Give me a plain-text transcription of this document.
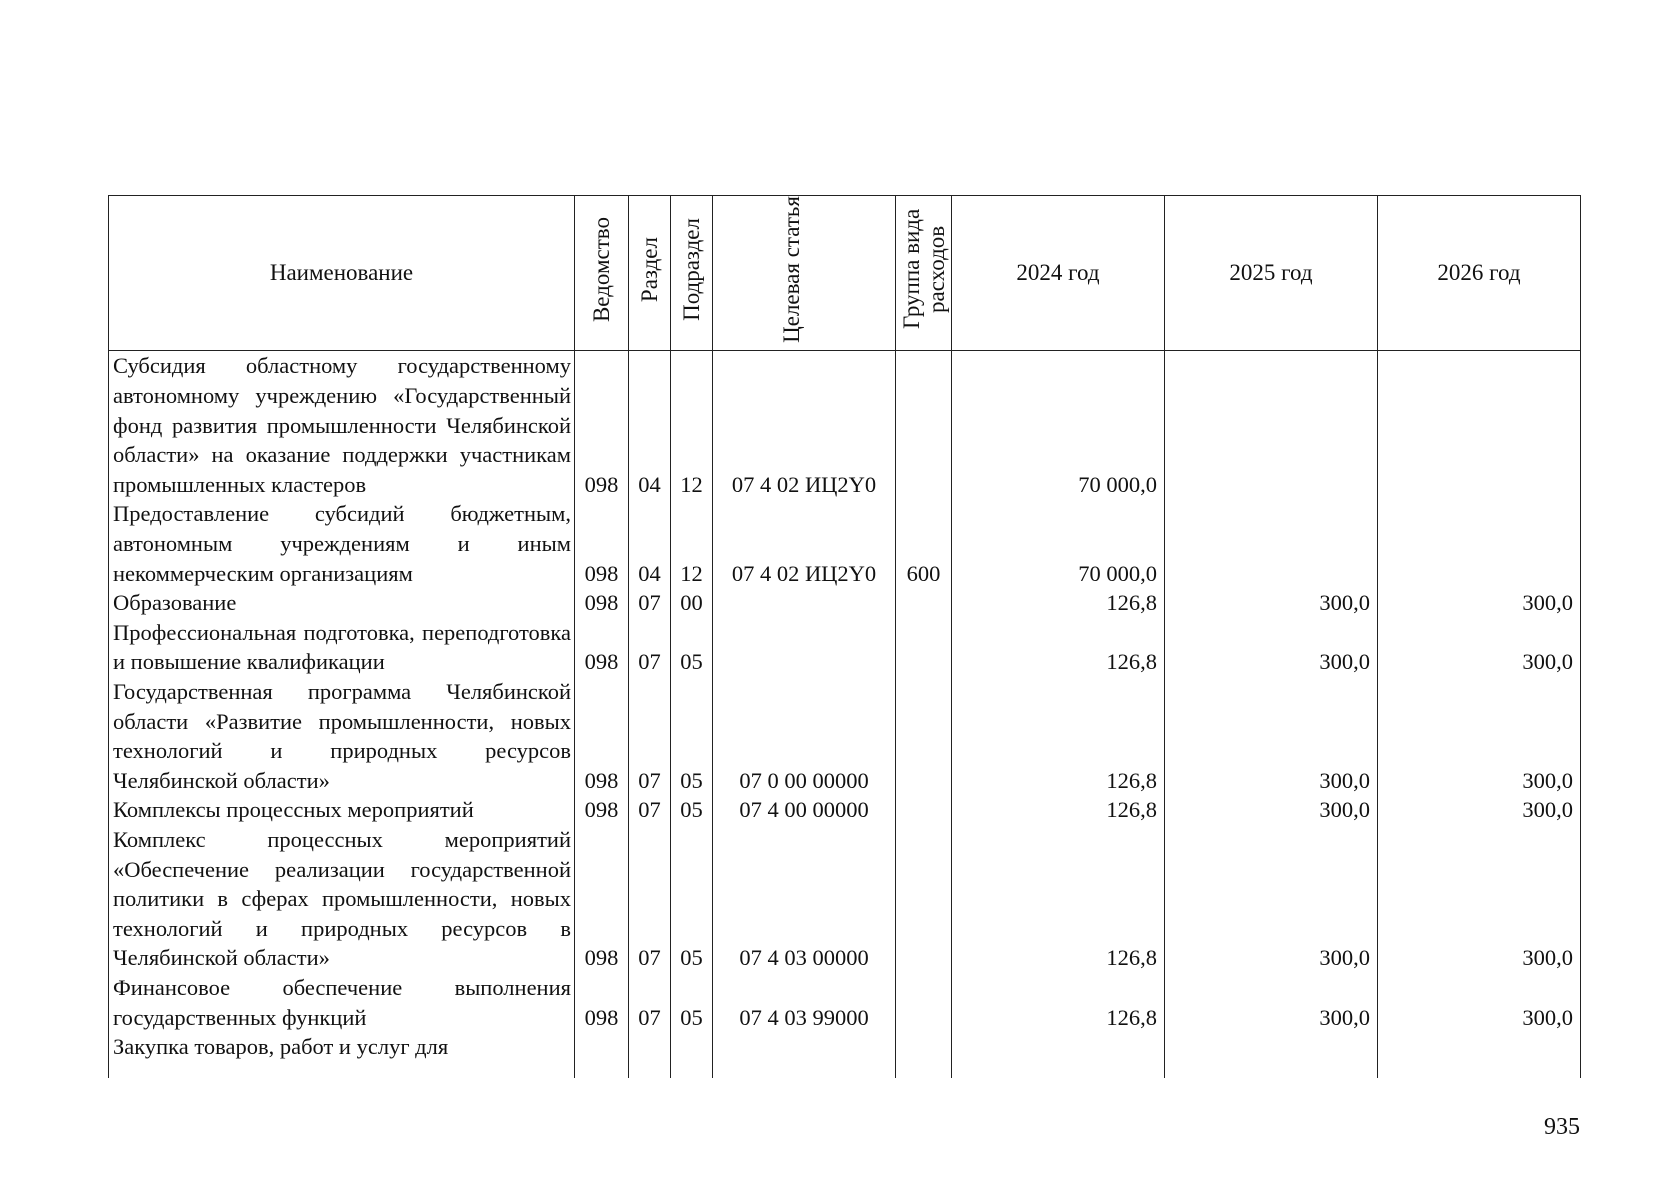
Наименование	Ведомство	Раздел	Подраздел	Целевая статья	Группа вида расходов	2024 год	2025 год	2026 год
Субсидия областному государственному автономному учреждению «Государственный фонд развития промышленности Челябинской области» на оказание поддержки участникам промышленных кластеров	098	04	12	07 4 02 ИЦ2Y0		70 000,0		
Предоставление субсидий бюджетным, автономным учреждениям и иным некоммерческим организациям	098	04	12	07 4 02 ИЦ2Y0	600	70 000,0		
Образование	098	07	00			126,8	300,0	300,0
Профессиональная подготовка, переподготовка и повышение квалификации	098	07	05			126,8	300,0	300,0
Государственная программа Челябинской области «Развитие промышленности, новых технологий и природных ресурсов Челябинской области»	098	07	05	07 0 00 00000		126,8	300,0	300,0
Комплексы процессных мероприятий	098	07	05	07 4 00 00000		126,8	300,0	300,0
Комплекс процессных мероприятий «Обеспечение реализации государственной политики в сферах промышленности, новых технологий и природных ресурсов в Челябинской области»	098	07	05	07 4 03 00000		126,8	300,0	300,0
Финансовое обеспечение выполнения государственных функций	098	07	05	07 4 03 99000		126,8	300,0	300,0
Закупка товаров, работ и услуг для								

935
